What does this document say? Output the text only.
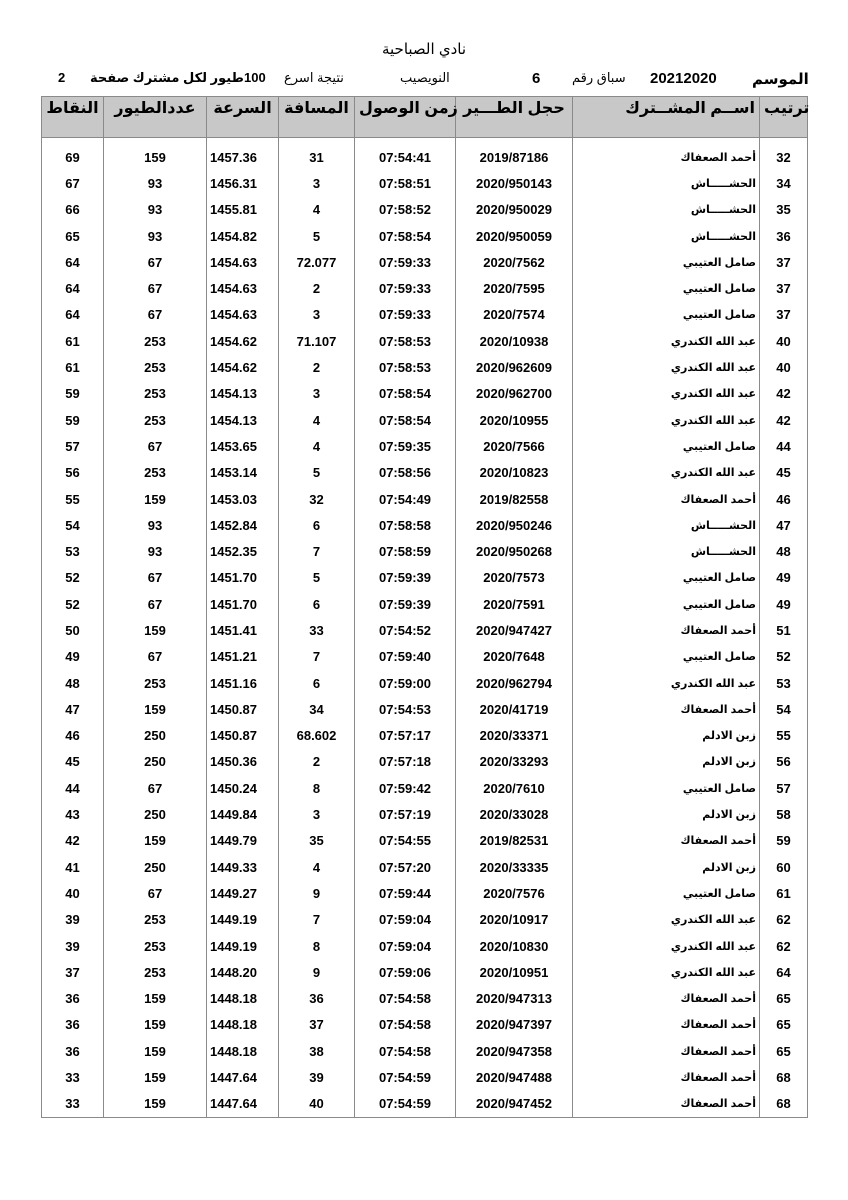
نادي الصباحية
2 طيور لكل مشترك صفحة 100 نتيجة اسرع	النويصيب	6 سباق رقم 20212020 الموسم
النقاط	عددالطيور	السرعة	المسافة	زمن الوصول	حجل الطـــير	اســم المشــترك	ترتيب

69	159	1457.36	31	07:54:41	2019/87186	أحمد الصعفاك	32
67	93	1456.31	3	07:58:51	2020/950143	الحشـــــاش	34
66	93	1455.81	4	07:58:52	2020/950029	الحشـــــاش	35
65	93	1454.82	5	07:58:54	2020/950059	الحشـــــاش	36
64	67	1454.63	72.077	07:59:33	2020/7562	صامل العتيبي	37
64	67	1454.63	2	07:59:33	2020/7595	صامل العتيبي	37
64	67	1454.63	3	07:59:33	2020/7574	صامل العتيبي	37
61	253	1454.62	71.107	07:58:53	2020/10938	عبد الله الكندري	40
61	253	1454.62	2	07:58:53	2020/962609	عبد الله الكندري	40
59	253	1454.13	3	07:58:54	2020/962700	عبد الله الكندري	42
59	253	1454.13	4	07:58:54	2020/10955	عبد الله الكندري	42
57	67	1453.65	4	07:59:35	2020/7566	صامل العتيبي	44
56	253	1453.14	5	07:58:56	2020/10823	عبد الله الكندري	45
55	159	1453.03	32	07:54:49	2019/82558	أحمد الصعفاك	46
54	93	1452.84	6	07:58:58	2020/950246	الحشـــــاش	47
53	93	1452.35	7	07:58:59	2020/950268	الحشـــــاش	48
52	67	1451.70	5	07:59:39	2020/7573	صامل العتيبي	49
52	67	1451.70	6	07:59:39	2020/7591	صامل العتيبي	49
50	159	1451.41	33	07:54:52	2020/947427	أحمد الصعفاك	51
49	67	1451.21	7	07:59:40	2020/7648	صامل العتيبي	52
48	253	1451.16	6	07:59:00	2020/962794	عبد الله الكندري	53
47	159	1450.87	34	07:54:53	2020/41719	أحمد الصعفاك	54
46	250	1450.87	68.602	07:57:17	2020/33371	زبن الادلم	55
45	250	1450.36	2	07:57:18	2020/33293	زبن الادلم	56
44	67	1450.24	8	07:59:42	2020/7610	صامل العتيبي	57
43	250	1449.84	3	07:57:19	2020/33028	زبن الادلم	58
42	159	1449.79	35	07:54:55	2019/82531	أحمد الصعفاك	59
41	250	1449.33	4	07:57:20	2020/33335	زبن الادلم	60
40	67	1449.27	9	07:59:44	2020/7576	صامل العتيبي	61
39	253	1449.19	7	07:59:04	2020/10917	عبد الله الكندري	62
39	253	1449.19	8	07:59:04	2020/10830	عبد الله الكندري	62
37	253	1448.20	9	07:59:06	2020/10951	عبد الله الكندري	64
36	159	1448.18	36	07:54:58	2020/947313	أحمد الصعفاك	65
36	159	1448.18	37	07:54:58	2020/947397	أحمد الصعفاك	65
36	159	1448.18	38	07:54:58	2020/947358	أحمد الصعفاك	65
33	159	1447.64	39	07:54:59	2020/947488	أحمد الصعفاك	68
33	159	1447.64	40	07:54:59	2020/947452	أحمد الصعفاك	68
